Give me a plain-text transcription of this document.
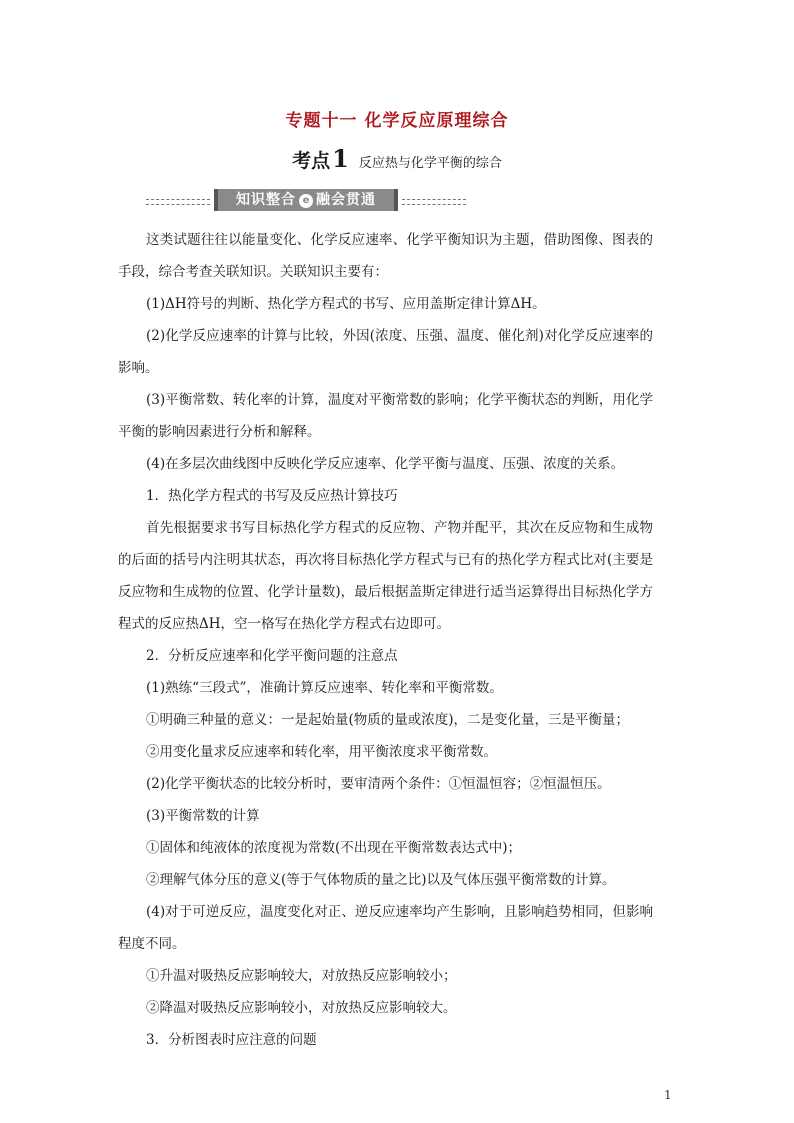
专题十一 化学反应原理综合
考点1 反应热与化学平衡的综合
知识整合 e 融会贯通

这类试题往往以能量变化、化学反应速率、化学平衡知识为主题，借助图像、图表的手段，综合考查关联知识。关联知识主要有：

(1)ΔH符号的判断、热化学方程式的书写、应用盖斯定律计算ΔH。

(2)化学反应速率的计算与比较，外因(浓度、压强、温度、催化剂)对化学反应速率的影响。

(3)平衡常数、转化率的计算，温度对平衡常数的影响；化学平衡状态的判断，用化学平衡的影响因素进行分析和解释。

(4)在多层次曲线图中反映化学反应速率、化学平衡与温度、压强、浓度的关系。

1．热化学方程式的书写及反应热计算技巧

首先根据要求书写目标热化学方程式的反应物、产物并配平，其次在反应物和生成物的后面的括号内注明其状态，再次将目标热化学方程式与已有的热化学方程式比对(主要是反应物和生成物的位置、化学计量数)，最后根据盖斯定律进行适当运算得出目标热化学方程式的反应热ΔH，空一格写在热化学方程式右边即可。

2．分析反应速率和化学平衡问题的注意点

(1)熟练“三段式”，准确计算反应速率、转化率和平衡常数。

①明确三种量的意义：一是起始量(物质的量或浓度)，二是变化量，三是平衡量；

②用变化量求反应速率和转化率，用平衡浓度求平衡常数。

(2)化学平衡状态的比较分析时，要审清两个条件：①恒温恒容；②恒温恒压。

(3)平衡常数的计算

①固体和纯液体的浓度视为常数(不出现在平衡常数表达式中)；

②理解气体分压的意义(等于气体物质的量之比)以及气体压强平衡常数的计算。

(4)对于可逆反应，温度变化对正、逆反应速率均产生影响，且影响趋势相同，但影响程度不同。

①升温对吸热反应影响较大，对放热反应影响较小；

②降温对吸热反应影响较小，对放热反应影响较大。

3．分析图表时应注意的问题

1
